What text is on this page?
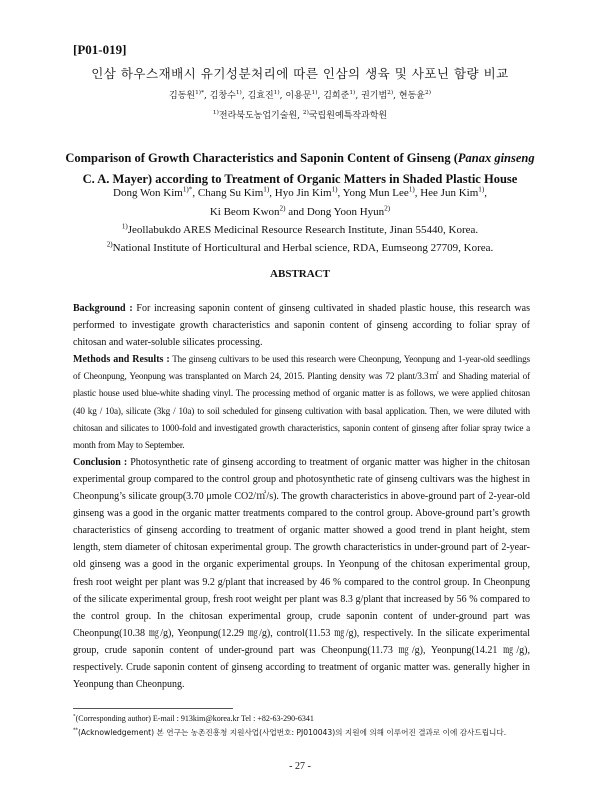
[P01-019]
인삼 하우스재배시 유기성분처리에 따른 인삼의 생육 및 사포닌 함량 비교
김동원$^{1)*}$, 김창수$^{1)}$, 김효진$^{1)}$, 이용문$^{1)}$, 김희준$^{1)}$, 권기범$^{2)}$, 현동윤$^{2)}$
$^{1)}$전라북도농업기술원, $^{2)}$국립원예특작과학원
Comparison of Growth Characteristics and Saponin Content of Ginseng (Panax ginseng
C. A. Mayer) according to Treatment of Organic Matters in Shaded Plastic House
Dong Won Kim$^{1)*}$, Chang Su Kim$^{1)}$, Hyo Jin Kim$^{1)}$, Yong Mun Lee$^{1)}$, Hee Jun Kim$^{1)}$,
Ki Beom Kwon$^{2)}$ and Dong Yoon Hyun$^{2)}$
$^{1)}$Jeollabukdo ARES Medicinal Resource Research Institute, Jinan 55440, Korea.
$^{2)}$National Institute of Horticultural and Herbal science, RDA, Eumseong 27709, Korea.
ABSTRACT

Background : For increasing saponin content of ginseng cultivated in shaded plastic house, this research was performed to investigate growth characteristics and saponin content of ginseng according to foliar spray of chitosan and water-soluble silicates processing.

Methods and Results : The ginseng cultivars to be used this research were Cheonpung, Yeonpung and 1-year-old seedlings of Cheonpung, Yeonpung was transplanted on March 24, 2015. Planting density was 72 plant/3.3㎡ and Shading material of plastic house used blue-white shading vinyl. The processing method of organic matter is as follows, we were applied chitosan (40 kg / 10a), silicate (3kg / 10a) to soil scheduled for ginseng cultivation with basal application. Then, we were diluted with chitosan and silicates to 1000-fold and investigated growth characteristics, saponin content of ginseng after foliar spray twice a month from May to September.

Conclusion : Photosynthetic rate of ginseng according to treatment of organic matter was higher in the chitosan experimental group compared to the control group and photosynthetic rate of ginseng cultivars was the highest in Cheonpung’s silicate group(3.70 μmole CO2/㎡/s). The growth characteristics in above-ground part of 2-year-old ginseng was a good in the organic matter treatments compared to the control group. Above-ground part’s growth characteristics of ginseng according to treatment of organic matter showed a good trend in plant height, stem length, stem diameter of chitosan experimental group. The growth characteristics in under-ground part of 2-year-old ginseng was a good in the organic experimental groups. In Yeonpung of the chitosan experimental group, fresh root weight per plant was 9.2 g/plant that increased by 46 % compared to the control group. In Cheonpung of the silicate experimental group, fresh root weight per plant was 8.3 g/plant that increased by 56 % compared to the control group. In the chitosan experimental group, crude saponin content of under-ground part was Cheonpung(10.38 ㎎/g), Yeonpung(12.29 ㎎/g), control(11.53 ㎎/g), respectively. In the silicate experimental group, crude saponin content of under-ground part was Cheonpung(11.73 ㎎/g), Yeonpung(14.21 ㎎/g), respectively. Crude saponin content of ginseng according to treatment of organic matter was. generally higher in Yeonpung than Cheonpung.

*(Corresponding author) E-mail : 913kim@korea.kr Tel : +82-63-290-6341
**(Acknowledgement) 본 연구는 농촌진흥청 지원사업(사업번호: PJ010043)의 지원에 의해 이루어진 결과로 이에 감사드립니다.
- 27 -
